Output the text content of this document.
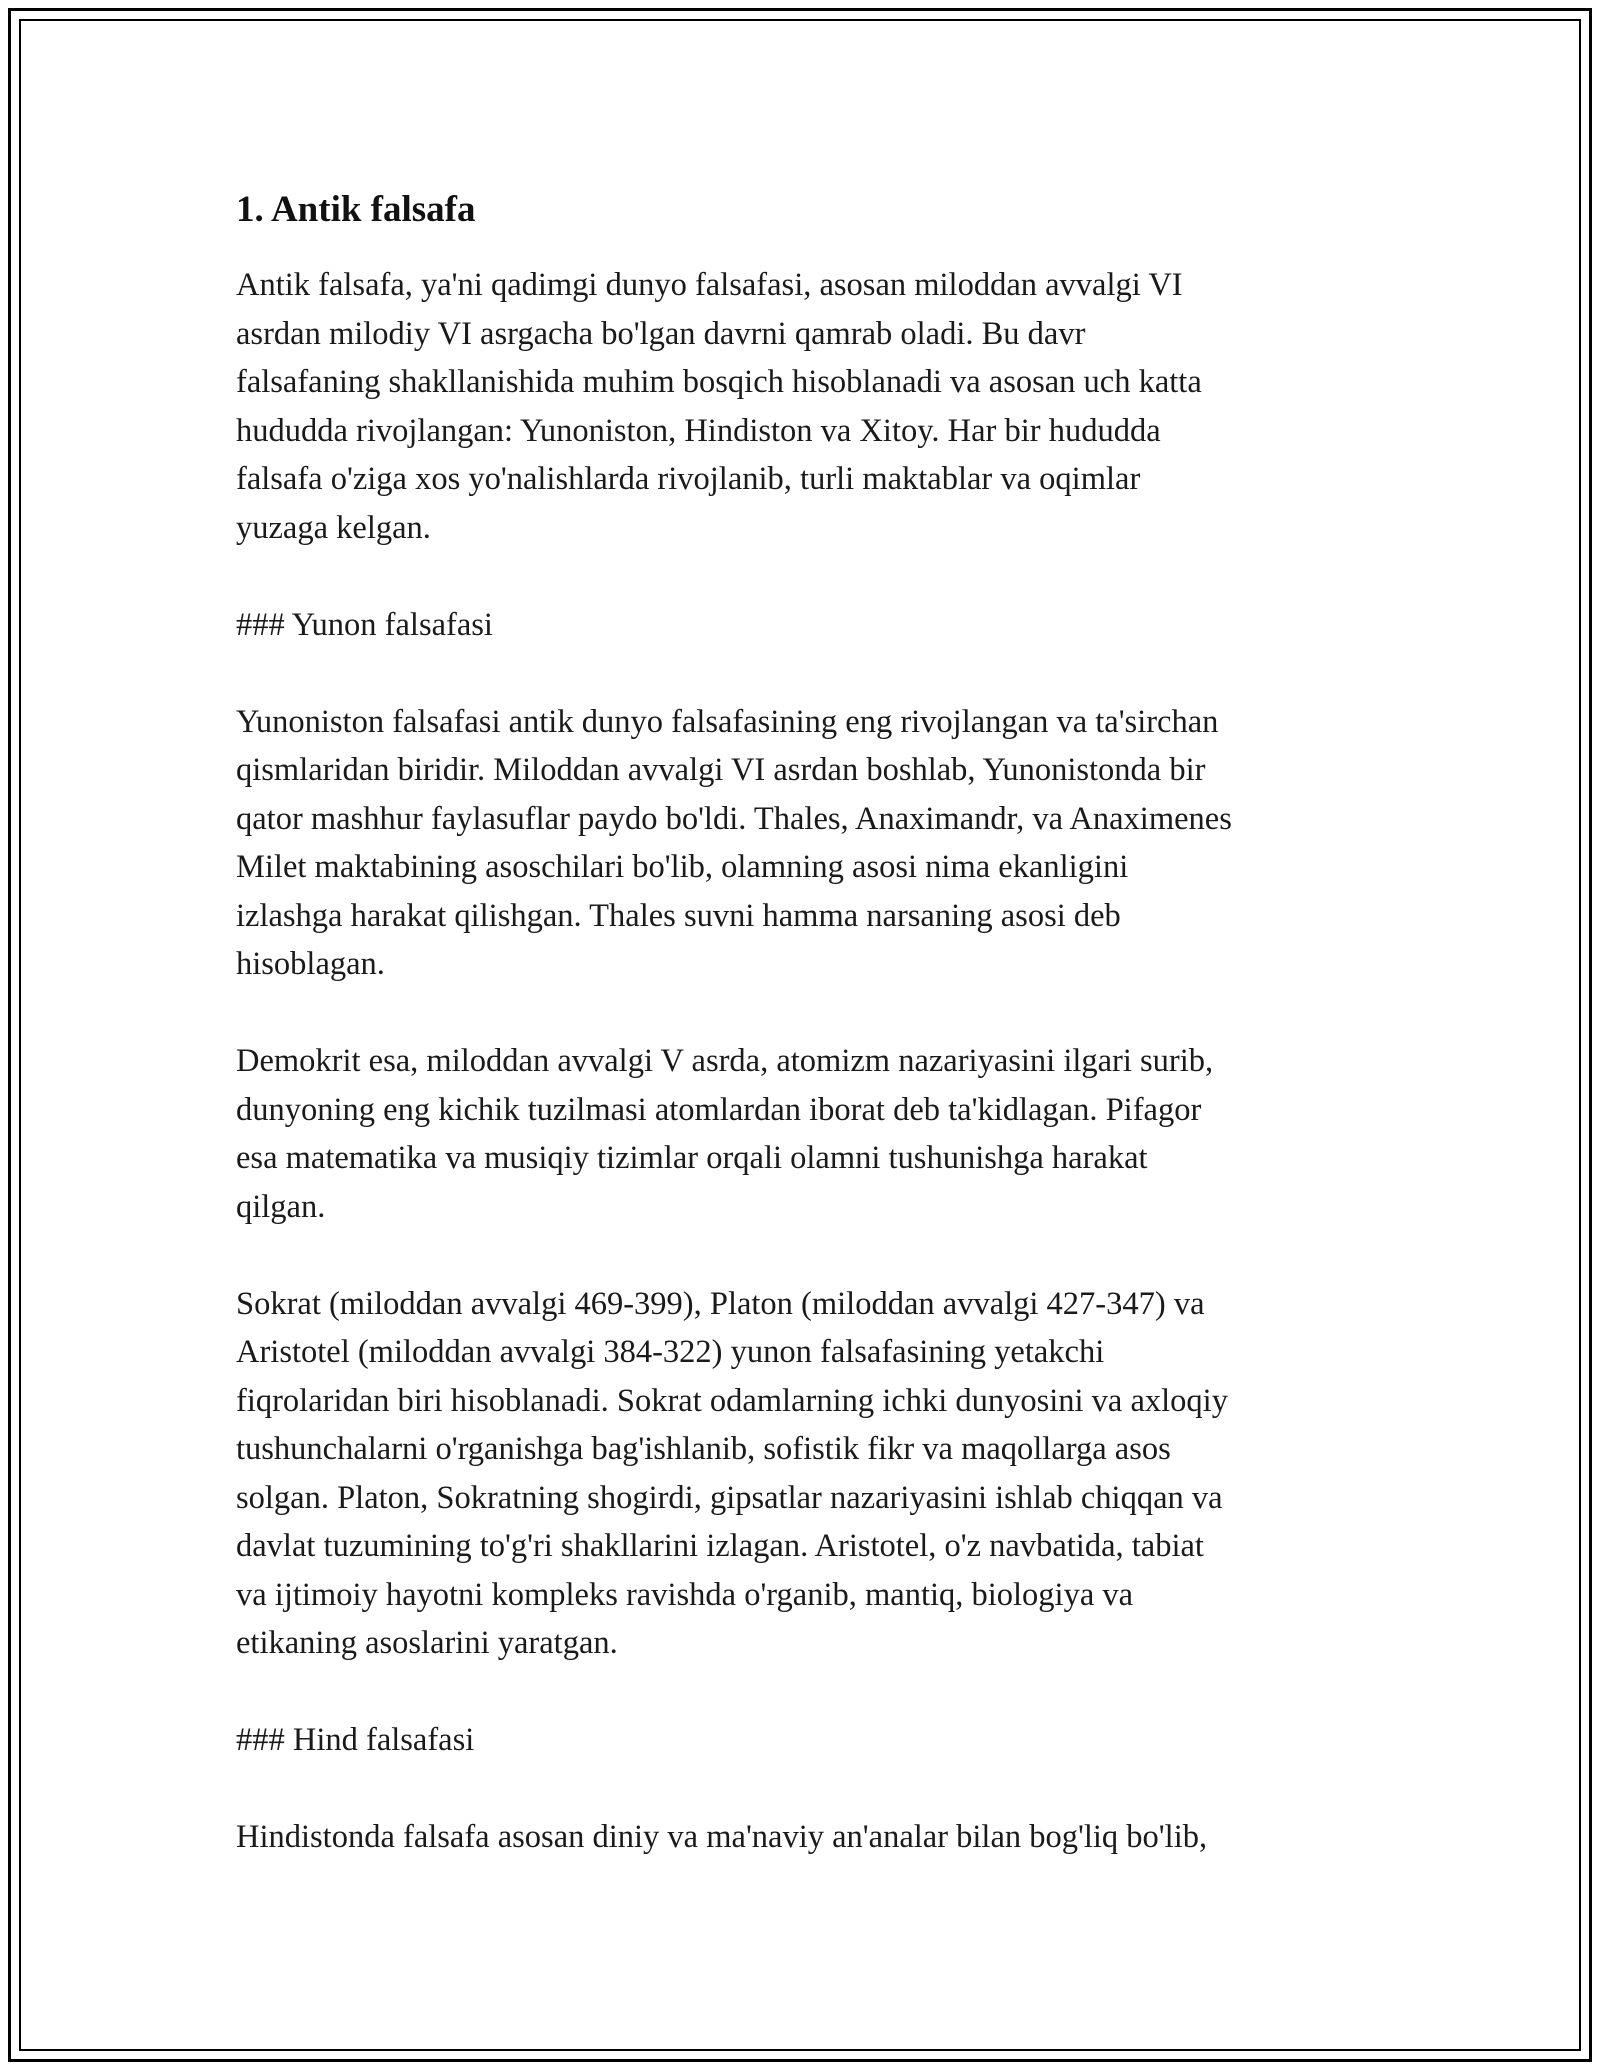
1. Antik falsafa

Antik falsafa, ya'ni qadimgi dunyo falsafasi, asosan miloddan avvalgi VI
asrdan milodiy VI asrgacha bo'lgan davrni qamrab oladi. Bu davr
falsafaning shakllanishida muhim bosqich hisoblanadi va asosan uch katta
hududda rivojlangan: Yunoniston, Hindiston va Xitoy. Har bir hududda
falsafa o'ziga xos yo'nalishlarda rivojlanib, turli maktablar va oqimlar
yuzaga kelgan.

### Yunon falsafasi

Yunoniston falsafasi antik dunyo falsafasining eng rivojlangan va ta'sirchan
qismlaridan biridir. Miloddan avvalgi VI asrdan boshlab, Yunonistonda bir
qator mashhur faylasuflar paydo bo'ldi. Thales, Anaximandr, va Anaximenes
Milet maktabining asoschilari bo'lib, olamning asosi nima ekanligini
izlashga harakat qilishgan. Thales suvni hamma narsaning asosi deb
hisoblagan.

Demokrit esa, miloddan avvalgi V asrda, atomizm nazariyasini ilgari surib,
dunyoning eng kichik tuzilmasi atomlardan iborat deb ta'kidlagan. Pifagor
esa matematika va musiqiy tizimlar orqali olamni tushunishga harakat
qilgan.

Sokrat (miloddan avvalgi 469-399), Platon (miloddan avvalgi 427-347) va
Aristotel (miloddan avvalgi 384-322) yunon falsafasining yetakchi
fiqrolaridan biri hisoblanadi. Sokrat odamlarning ichki dunyosini va axloqiy
tushunchalarni o'rganishga bag'ishlanib, sofistik fikr va maqollarga asos
solgan. Platon, Sokratning shogirdi, gipsatlar nazariyasini ishlab chiqqan va
davlat tuzumining to'g'ri shakllarini izlagan. Aristotel, o'z navbatida, tabiat
va ijtimoiy hayotni kompleks ravishda o'rganib, mantiq, biologiya va
etikaning asoslarini yaratgan.

### Hind falsafasi

Hindistonda falsafa asosan diniy va ma'naviy an'analar bilan bog'liq bo'lib,
